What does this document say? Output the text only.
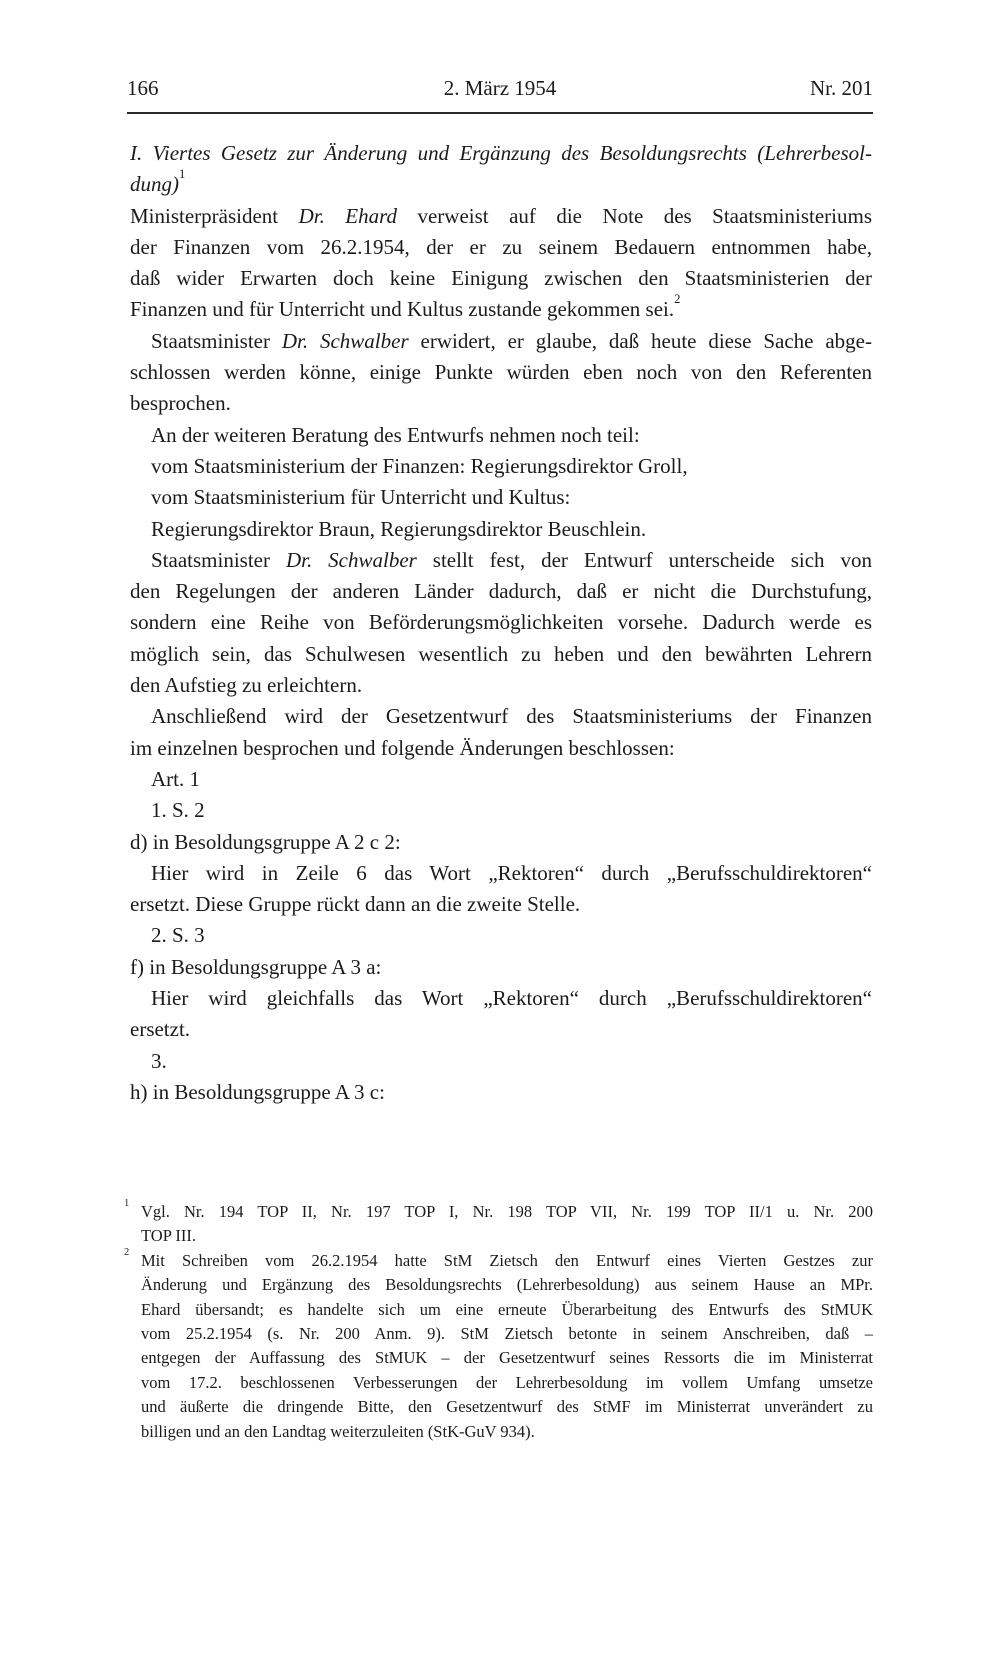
166	2. März 1954	Nr. 201
I. Viertes Gesetz zur Änderung und Ergänzung des Besoldungsrechts (Lehrerbesol-
dung)$^1$
Ministerpräsident Dr. Ehard verweist auf die Note des Staatsministeriums
der Finanzen vom 26.2.1954, der er zu seinem Bedauern entnommen habe,
daß wider Erwarten doch keine Einigung zwischen den Staatsministerien der
Finanzen und für Unterricht und Kultus zustande gekommen sei.$^2$
Staatsminister Dr. Schwalber erwidert, er glaube, daß heute diese Sache abge-
schlossen werden könne, einige Punkte würden eben noch von den Referenten
besprochen.
An der weiteren Beratung des Entwurfs nehmen noch teil:
vom Staatsministerium der Finanzen: Regierungsdirektor Groll,
vom Staatsministerium für Unterricht und Kultus:
Regierungsdirektor Braun, Regierungsdirektor Beuschlein.
Staatsminister Dr. Schwalber stellt fest, der Entwurf unterscheide sich von
den Regelungen der anderen Länder dadurch, daß er nicht die Durchstufung,
sondern eine Reihe von Beförderungsmöglichkeiten vorsehe. Dadurch werde es
möglich sein, das Schulwesen wesentlich zu heben und den bewährten Lehrern
den Aufstieg zu erleichtern.
Anschließend wird der Gesetzentwurf des Staatsministeriums der Finanzen
im einzelnen besprochen und folgende Änderungen beschlossen:
Art. 1
1. S. 2
d) in Besoldungsgruppe A 2 c 2:
Hier wird in Zeile 6 das Wort „Rektoren“ durch „Berufsschuldirektoren“
ersetzt. Diese Gruppe rückt dann an die zweite Stelle.
2. S. 3
f) in Besoldungsgruppe A 3 a:
Hier wird gleichfalls das Wort „Rektoren“ durch „Berufsschuldirektoren“
ersetzt.
3.
h) in Besoldungsgruppe A 3 c:
$^1$ Vgl. Nr. 194 TOP II, Nr. 197 TOP I, Nr. 198 TOP VII, Nr. 199 TOP II/1 u. Nr. 200
TOP III.
$^2$ Mit Schreiben vom 26.2.1954 hatte StM Zietsch den Entwurf eines Vierten Gestzes zur
Änderung und Ergänzung des Besoldungsrechts (Lehrerbesoldung) aus seinem Hause an MPr.
Ehard übersandt; es handelte sich um eine erneute Überarbeitung des Entwurfs des StMUK
vom 25.2.1954 (s. Nr. 200 Anm. 9). StM Zietsch betonte in seinem Anschreiben, daß –
entgegen der Auffassung des StMUK – der Gesetzentwurf seines Ressorts die im Ministerrat
vom 17.2. beschlossenen Verbesserungen der Lehrerbesoldung im vollem Umfang umsetze
und äußerte die dringende Bitte, den Gesetzentwurf des StMF im Ministerrat unverändert zu
billigen und an den Landtag weiterzuleiten (StK-GuV 934).
